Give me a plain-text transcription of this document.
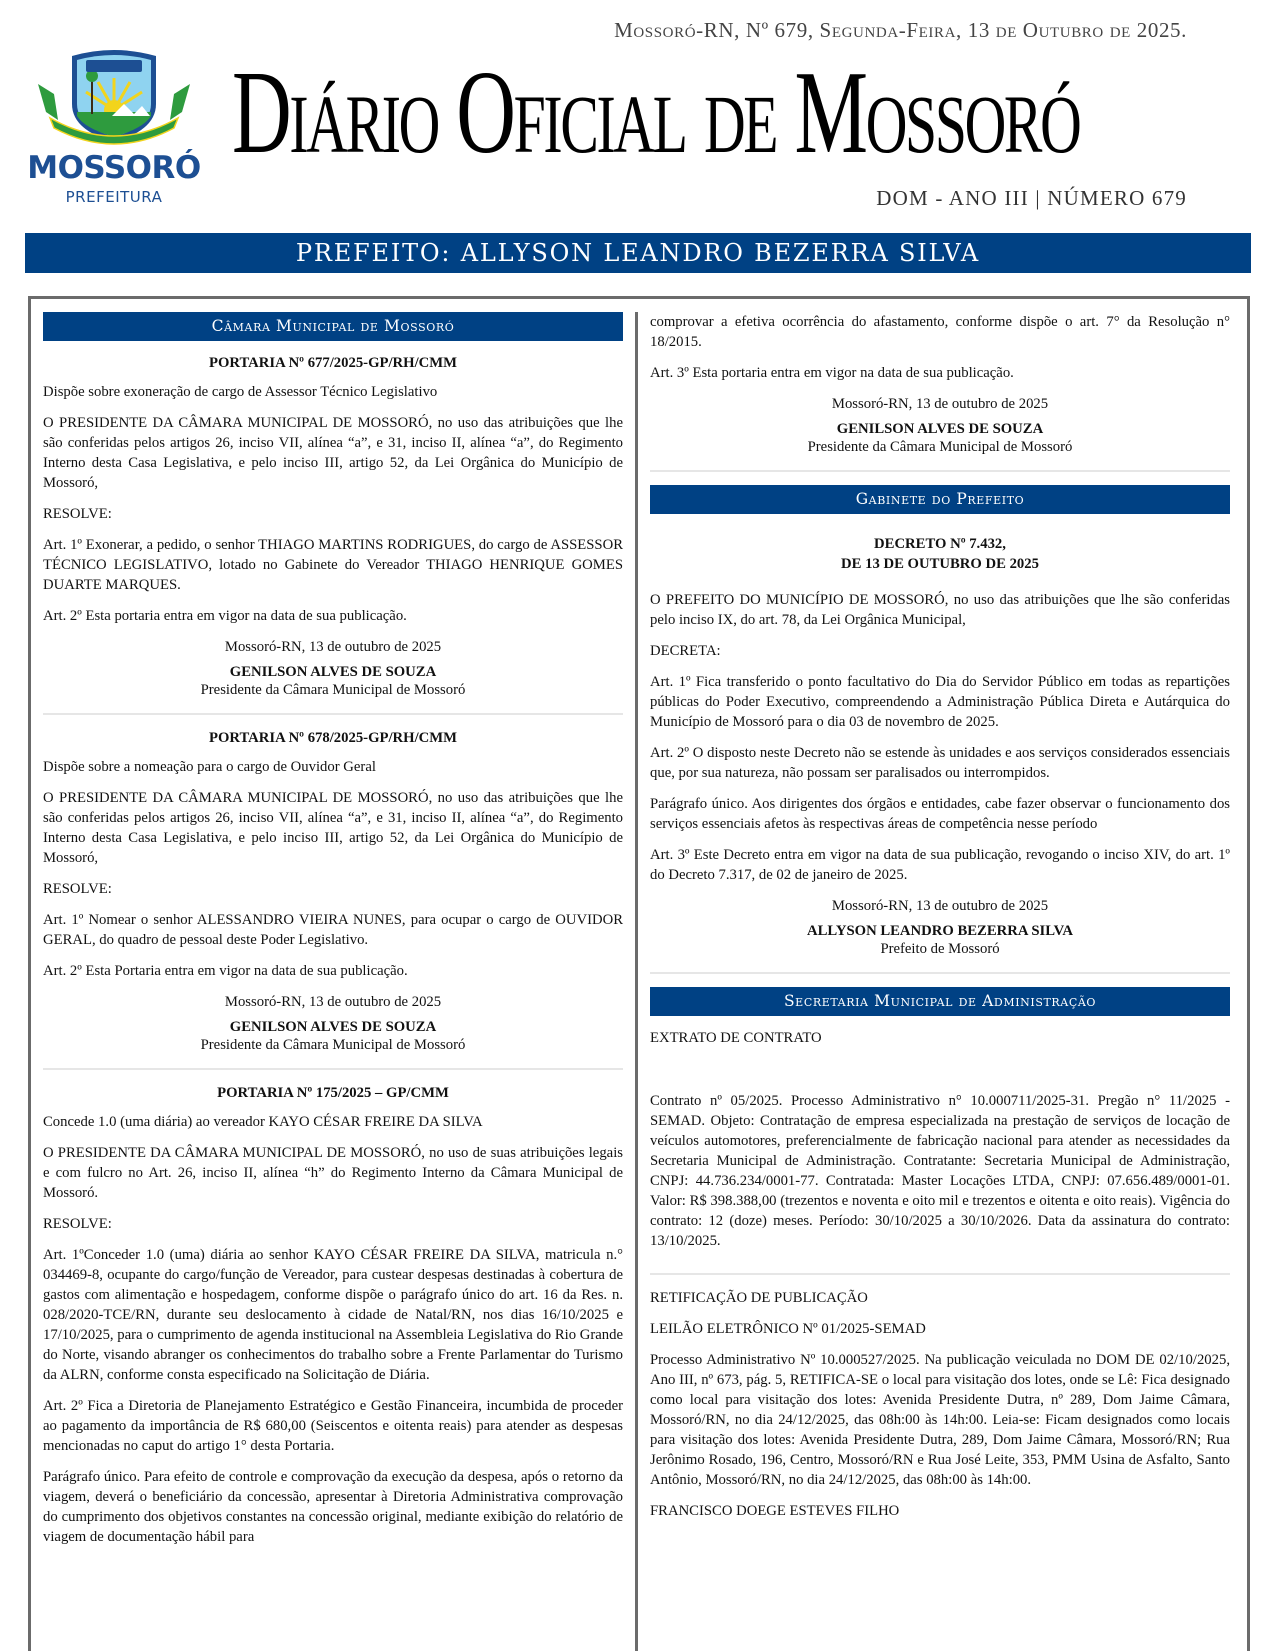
MOSSORÓ
PREFEITURA
Mossoró-RN, Nº 679, Segunda-Feira, 13 de Outubro de 2025.
Diário Oficial de Mossoró
DOM - ANO III | NÚMERO 679
PREFEITO: ALLYSON LEANDRO BEZERRA SILVA
Câmara Municipal de Mossoró
PORTARIA Nº 677/2025-GP/RH/CMM

Dispõe sobre exoneração de cargo de Assessor Técnico Legislativo

O PRESIDENTE DA CÂMARA MUNICIPAL DE MOSSORÓ, no uso das atribuições que lhe são conferidas pelos artigos 26, inciso VII, alínea “a”, e 31, inciso II, alínea “a”, do Regimento Interno desta Casa Legislativa, e pelo inciso III, artigo 52, da Lei Orgânica do Município de Mossoró,

RESOLVE:

Art. 1º Exonerar, a pedido, o senhor THIAGO MARTINS RODRIGUES, do cargo de ASSESSOR TÉCNICO LEGISLATIVO, lotado no Gabinete do Vereador THIAGO HENRIQUE GOMES DUARTE MARQUES.

Art. 2º Esta portaria entra em vigor na data de sua publicação.

Mossoró-RN, 13 de outubro de 2025
GENILSON ALVES DE SOUZA
Presidente da Câmara Municipal de Mossoró
PORTARIA Nº 678/2025-GP/RH/CMM

Dispõe sobre a nomeação para o cargo de Ouvidor Geral

O PRESIDENTE DA CÂMARA MUNICIPAL DE MOSSORÓ, no uso das atribuições que lhe são conferidas pelos artigos 26, inciso VII, alínea “a”, e 31, inciso II, alínea “a”, do Regimento Interno desta Casa Legislativa, e pelo inciso III, artigo 52, da Lei Orgânica do Município de Mossoró,

RESOLVE:

Art. 1º Nomear o senhor ALESSANDRO VIEIRA NUNES, para ocupar o cargo de OUVIDOR GERAL, do quadro de pessoal deste Poder Legislativo.

Art. 2º Esta Portaria entra em vigor na data de sua publicação.

Mossoró-RN, 13 de outubro de 2025
GENILSON ALVES DE SOUZA
Presidente da Câmara Municipal de Mossoró
PORTARIA Nº 175/2025 – GP/CMM

Concede 1.0 (uma diária) ao vereador KAYO CÉSAR FREIRE DA SILVA

O PRESIDENTE DA CÂMARA MUNICIPAL DE MOSSORÓ, no uso de suas atribuições legais e com fulcro no Art. 26, inciso II, alínea “h” do Regimento Interno da Câmara Municipal de Mossoró.

RESOLVE:

Art. 1ºConceder 1.0 (uma) diária ao senhor KAYO CÉSAR FREIRE DA SILVA, matricula n.° 034469-8, ocupante do cargo/função de Vereador, para custear despesas destinadas à cobertura de gastos com alimentação e hospedagem, conforme dispõe o parágrafo único do art. 16 da Res. n. 028/2020-TCE/RN, durante seu deslocamento à cidade de Natal/RN, nos dias 16/10/2025 e 17/10/2025, para o cumprimento de agenda institucional na Assembleia Legislativa do Rio Grande do Norte, visando abranger os conhecimentos do trabalho sobre a Frente Parlamentar do Turismo da ALRN, conforme consta especificado na Solicitação de Diária.

Art. 2º Fica a Diretoria de Planejamento Estratégico e Gestão Financeira, incumbida de proceder ao pagamento da importância de R$ 680,00 (Seiscentos e oitenta reais) para atender as despesas mencionadas no caput do artigo 1° desta Portaria.

Parágrafo único. Para efeito de controle e comprovação da execução da despesa, após o retorno da viagem, deverá o beneficiário da concessão, apresentar à Diretoria Administrativa comprovação do cumprimento dos objetivos constantes na concessão original, mediante exibição do relatório de viagem de documentação hábil para

comprovar a efetiva ocorrência do afastamento, conforme dispõe o art. 7° da Resolução n° 18/2015.

Art. 3º Esta portaria entra em vigor na data de sua publicação.

Mossoró-RN, 13 de outubro de 2025
GENILSON ALVES DE SOUZA
Presidente da Câmara Municipal de Mossoró
Gabinete do Prefeito
DECRETO Nº 7.432,
DE 13 DE OUTUBRO DE 2025

O PREFEITO DO MUNICÍPIO DE MOSSORÓ, no uso das atribuições que lhe são conferidas pelo inciso IX, do art. 78, da Lei Orgânica Municipal,

DECRETA:

Art. 1º Fica transferido o ponto facultativo do Dia do Servidor Público em todas as repartições públicas do Poder Executivo, compreendendo a Administração Pública Direta e Autárquica do Município de Mossoró para o dia 03 de novembro de 2025.

Art. 2º O disposto neste Decreto não se estende às unidades e aos serviços considerados essenciais que, por sua natureza, não possam ser paralisados ou interrompidos.

Parágrafo único. Aos dirigentes dos órgãos e entidades, cabe fazer observar o funcionamento dos serviços essenciais afetos às respectivas áreas de competência nesse período

Art. 3º Este Decreto entra em vigor na data de sua publicação, revogando o inciso XIV, do art. 1º do Decreto 7.317, de 02 de janeiro de 2025.

Mossoró-RN, 13 de outubro de 2025
ALLYSON LEANDRO BEZERRA SILVA
Prefeito de Mossoró
Secretaria Municipal de Administração

EXTRATO DE CONTRATO

Contrato nº 05/2025. Processo Administrativo n° 10.000711/2025-31. Pregão n° 11/2025 -SEMAD. Objeto: Contratação de empresa especializada na prestação de serviços de locação de veículos automotores, preferencialmente de fabricação nacional para atender as necessidades da Secretaria Municipal de Administração. Contratante: Secretaria Municipal de Administração, CNPJ: 44.736.234/0001-77. Contratada: Master Locações LTDA, CNPJ: 07.656.489/0001-01. Valor: R$ 398.388,00 (trezentos e noventa e oito mil e trezentos e oitenta e oito reais). Vigência do contrato: 12 (doze) meses. Período: 30/10/2025 a 30/10/2026. Data da assinatura do contrato: 13/10/2025.

RETIFICAÇÃO DE PUBLICAÇÃO

LEILÃO ELETRÔNICO Nº 01/2025-SEMAD

Processo Administrativo Nº 10.000527/2025. Na publicação veiculada no DOM DE 02/10/2025, Ano III, nº 673, pág. 5, RETIFICA-SE o local para visitação dos lotes, onde se Lê: Fica designado como local para visitação dos lotes: Avenida Presidente Dutra, nº 289, Dom Jaime Câmara, Mossoró/RN, no dia 24/12/2025, das 08h:00 às 14h:00. Leia-se: Ficam designados como locais para visitação dos lotes: Avenida Presidente Dutra, 289, Dom Jaime Câmara, Mossoró/RN; Rua Jerônimo Rosado, 196, Centro, Mossoró/RN e Rua José Leite, 353, PMM Usina de Asfalto, Santo Antônio, Mossoró/RN, no dia 24/12/2025, das 08h:00 às 14h:00.

FRANCISCO DOEGE ESTEVES FILHO
